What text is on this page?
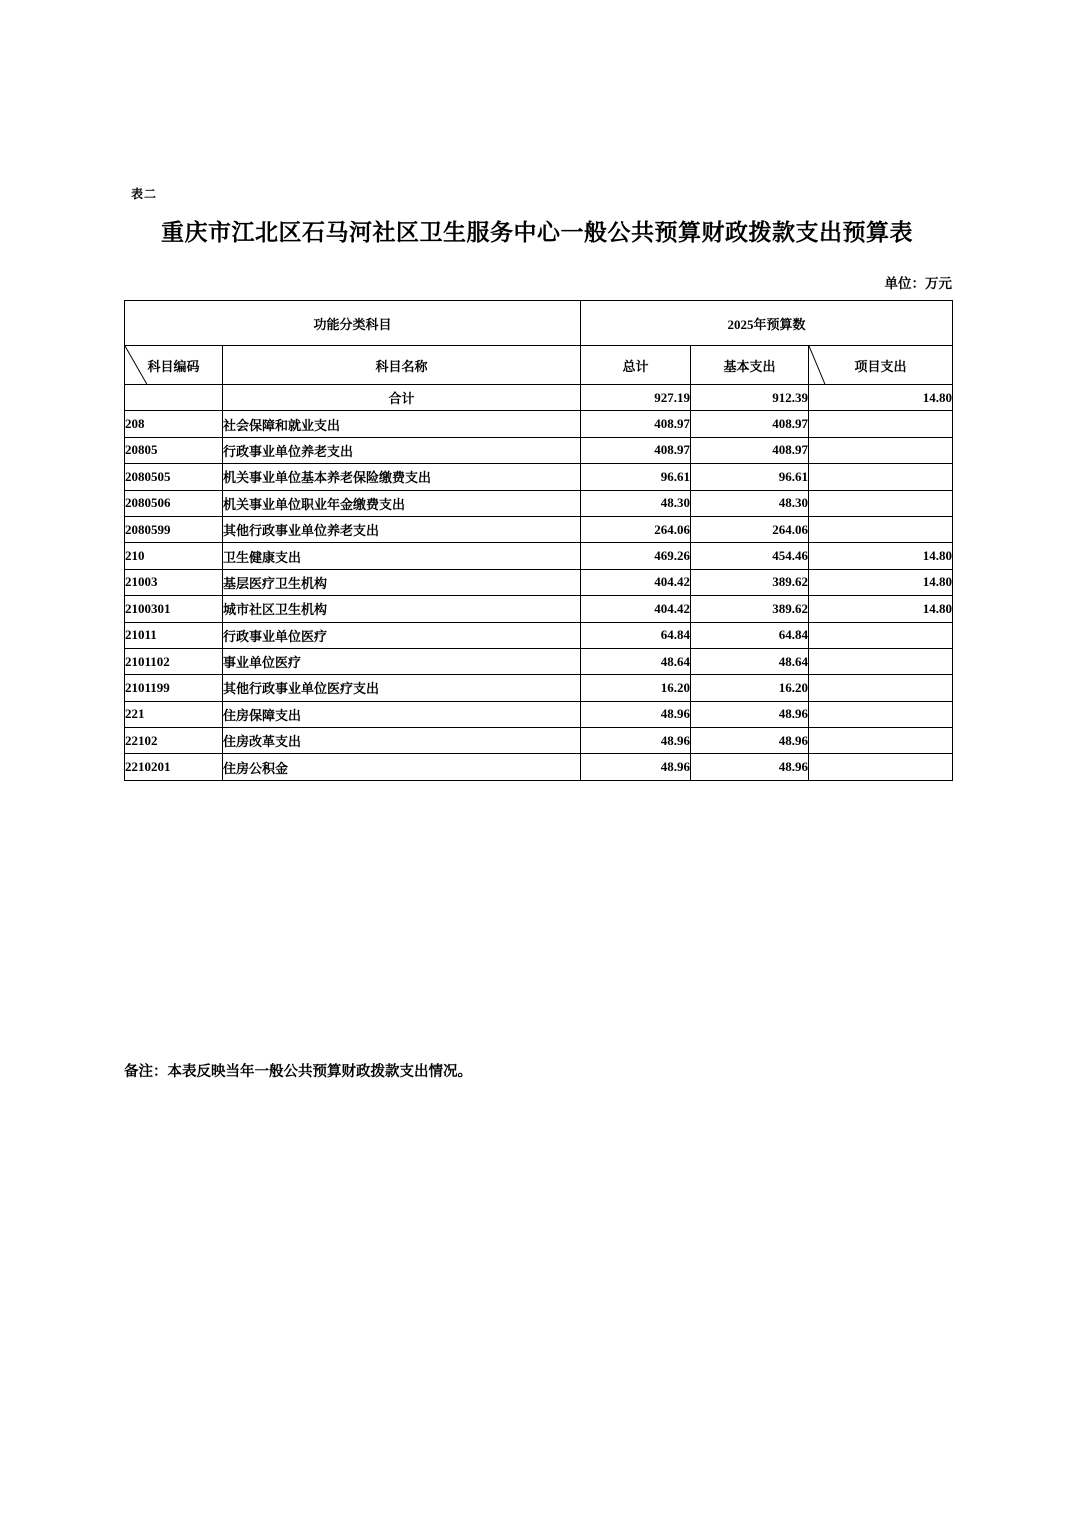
表二
重庆市江北区石马河社区卫生服务中心一般公共预算财政拨款支出预算表
单位：万元
功能分类科目		2025年预算数		

科目编码	科目名称	总计	基本支出	项目支出
	合计	927.19	912.39	14.80
208	社会保障和就业支出	408.97	408.97	
20805	行政事业单位养老支出	408.97	408.97	
2080505	机关事业单位基本养老保险缴费支出	96.61	96.61	
2080506	机关事业单位职业年金缴费支出	48.30	48.30	
2080599	其他行政事业单位养老支出	264.06	264.06	
210	卫生健康支出	469.26	454.46	14.80
21003	基层医疗卫生机构	404.42	389.62	14.80
2100301	城市社区卫生机构	404.42	389.62	14.80
21011	行政事业单位医疗	64.84	64.84	
2101102	事业单位医疗	48.64	48.64	
2101199	其他行政事业单位医疗支出	16.20	16.20	
221	住房保障支出	48.96	48.96	
22102	住房改革支出	48.96	48.96	
2210201	住房公积金	48.96	48.96	
备注：本表反映当年一般公共预算财政拨款支出情况。
